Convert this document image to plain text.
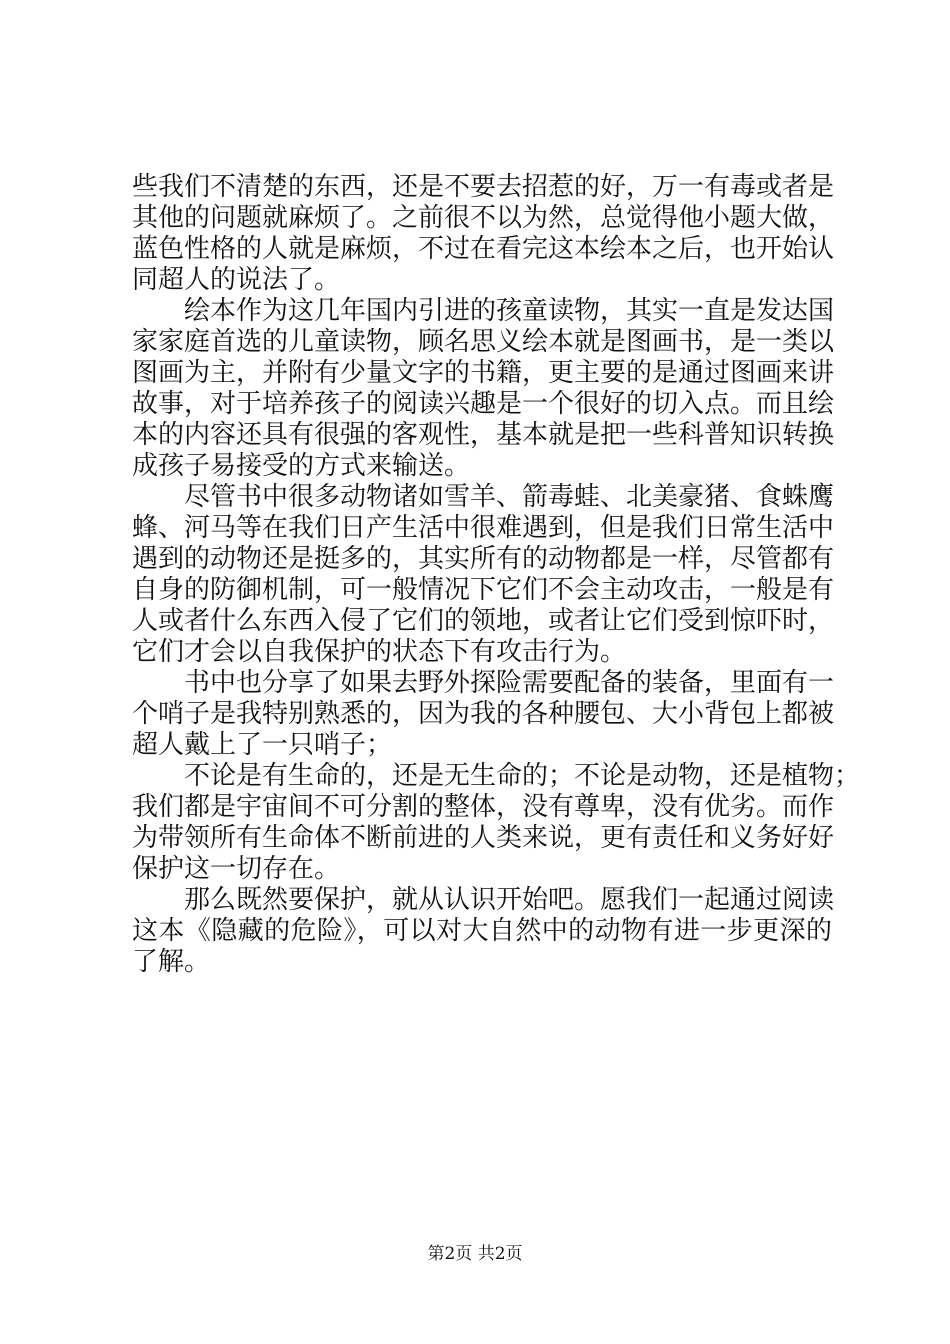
些我们不清楚的东西，还是不要去招惹的好，万一有毒或者是
其他的问题就麻烦了。之前很不以为然，总觉得他小题大做，
蓝色性格的人就是麻烦，不过在看完这本绘本之后，也开始认
同超人的说法了。
绘本作为这几年国内引进的孩童读物，其实一直是发达国
家家庭首选的儿童读物，顾名思义绘本就是图画书，是一类以
图画为主，并附有少量文字的书籍，更主要的是通过图画来讲
故事，对于培养孩子的阅读兴趣是一个很好的切入点。而且绘
本的内容还具有很强的客观性，基本就是把一些科普知识转换
成孩子易接受的方式来输送。
尽管书中很多动物诸如雪羊、箭毒蛙、北美豪猪、食蛛鹰
蜂、河马等在我们日产生活中很难遇到，但是我们日常生活中
遇到的动物还是挺多的，其实所有的动物都是一样，尽管都有
自身的防御机制，可一般情况下它们不会主动攻击，一般是有
人或者什么东西入侵了它们的领地，或者让它们受到惊吓时，
它们才会以自我保护的状态下有攻击行为。
书中也分享了如果去野外探险需要配备的装备，里面有一
个哨子是我特别熟悉的，因为我的各种腰包、大小背包上都被
超人戴上了一只哨子；
不论是有生命的，还是无生命的；不论是动物，还是植物；
我们都是宇宙间不可分割的整体，没有尊卑，没有优劣。而作
为带领所有生命体不断前进的人类来说，更有责任和义务好好
保护这一切存在。
那么既然要保护，就从认识开始吧。愿我们一起通过阅读
这本《隐藏的危险》，可以对大自然中的动物有进一步更深的
了解。
第2页 共2页
